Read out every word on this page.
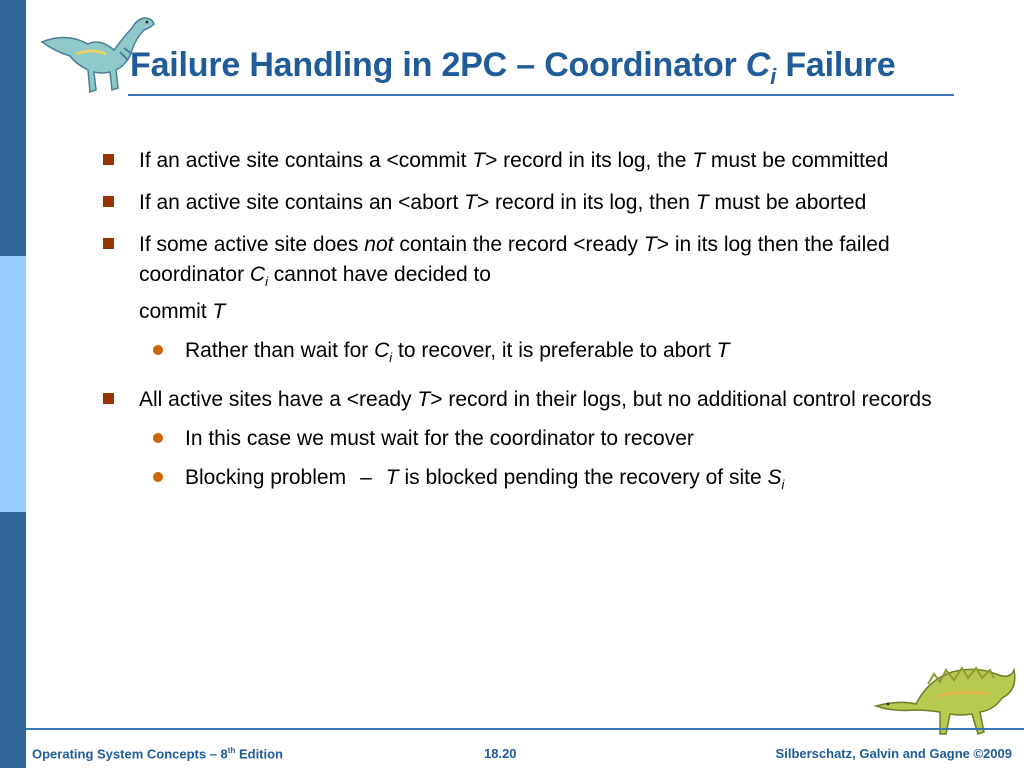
Failure Handling in 2PC – Coordinator $C_i$ Failure
If an active site contains a <commit T> record in its log, the T must be committed
If an active site contains an <abort T> record in its log, then T must be aborted
If some active site does not contain the record <ready T> in its log then the failed coordinator $C_i$ cannot have decided to
commit T
Rather than wait for $C_i$ to recover, it is preferable to abort T
All active sites have a <ready T> record in their logs, but no additional control records
In this case we must wait for the coordinator to recover
Blocking problem – T is blocked pending the recovery of site $S_i$
Operating System Concepts – 8th Edition	18.20	Silberschatz, Galvin and Gagne ©2009
